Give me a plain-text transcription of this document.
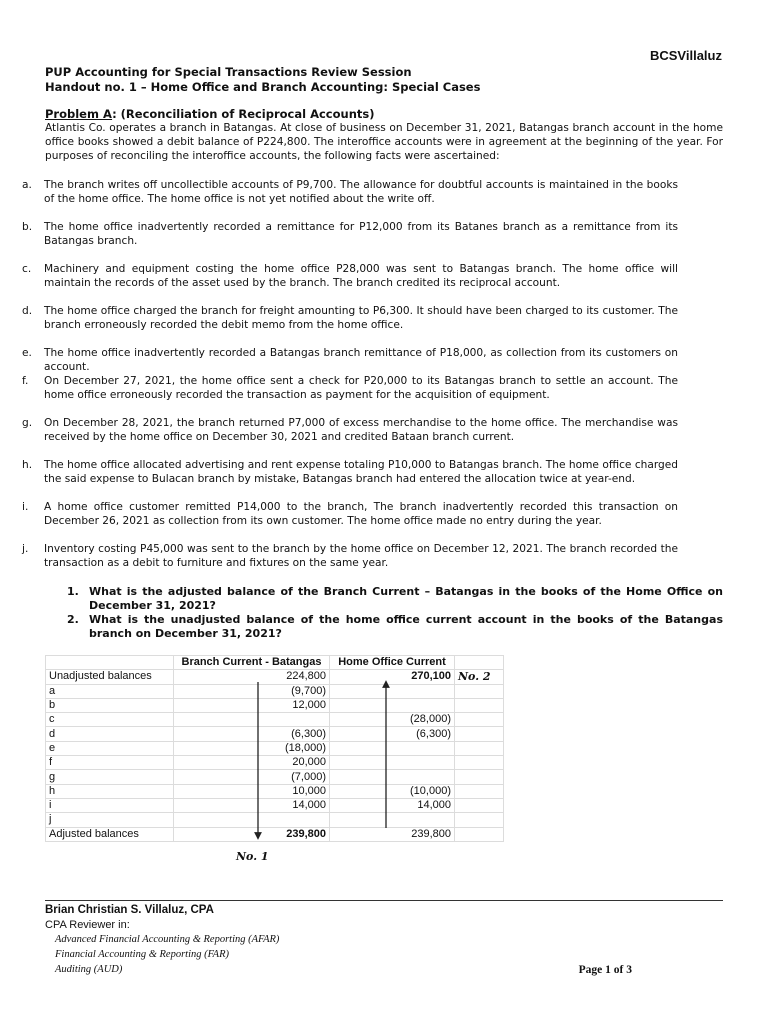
BCSVillaluz
PUP Accounting for Special Transactions Review Session
Handout no. 1 – Home Office and Branch Accounting: Special Cases
Problem A: (Reconciliation of Reciprocal Accounts)
Atlantis Co. operates a branch in Batangas. At close of business on December 31, 2021, Batangas branch account in the home office books showed a debit balance of P224,800. The interoffice accounts were in agreement at the beginning of the year. For purposes of reconciling the interoffice accounts, the following facts were ascertained:
a. The branch writes off uncollectible accounts of P9,700. The allowance for doubtful accounts is maintained in the books of the home office. The home office is not yet notified about the write off.
b. The home office inadvertently recorded a remittance for P12,000 from its Batanes branch as a remittance from its Batangas branch.
c. Machinery and equipment costing the home office P28,000 was sent to Batangas branch. The home office will maintain the records of the asset used by the branch. The branch credited its reciprocal account.
d. The home office charged the branch for freight amounting to P6,300. It should have been charged to its customer. The branch erroneously recorded the debit memo from the home office.
e. The home office inadvertently recorded a Batangas branch remittance of P18,000, as collection from its customers on account.
f. On December 27, 2021, the home office sent a check for P20,000 to its Batangas branch to settle an account. The home office erroneously recorded the transaction as payment for the acquisition of equipment.
g. On December 28, 2021, the branch returned P7,000 of excess merchandise to the home office. The merchandise was received by the home office on December 30, 2021 and credited Bataan branch current.
h. The home office allocated advertising and rent expense totaling P10,000 to Batangas branch. The home office charged the said expense to Bulacan branch by mistake, Batangas branch had entered the allocation twice at year-end.
i. A home office customer remitted P14,000 to the branch, The branch inadvertently recorded this transaction on December 26, 2021 as collection from its own customer. The home office made no entry during the year.
j. Inventory costing P45,000 was sent to the branch by the home office on December 12, 2021. The branch recorded the transaction as a debit to furniture and fixtures on the same year.
1. What is the adjusted balance of the Branch Current – Batangas in the books of the Home Office on December 31, 2021?
2. What is the unadjusted balance of the home office current account in the books of the Batangas branch on December 31, 2021?
	Branch Current - Batangas	Home Office Current	
Unadjusted balances	224,800	270,100	No. 2
a	(9,700)		
b	12,000		
c		(28,000)	
d	(6,300)	(6,300)	
e	(18,000)		
f	20,000		
g	(7,000)		
h	10,000	(10,000)	
i	14,000	14,000	
j			
Adjusted balances	239,800	239,800	
No. 1
Brian Christian S. Villaluz, CPA
CPA Reviewer in:
Advanced Financial Accounting & Reporting (AFAR)
Financial Accounting & Reporting (FAR)
Auditing (AUD)	Page 1 of 3
